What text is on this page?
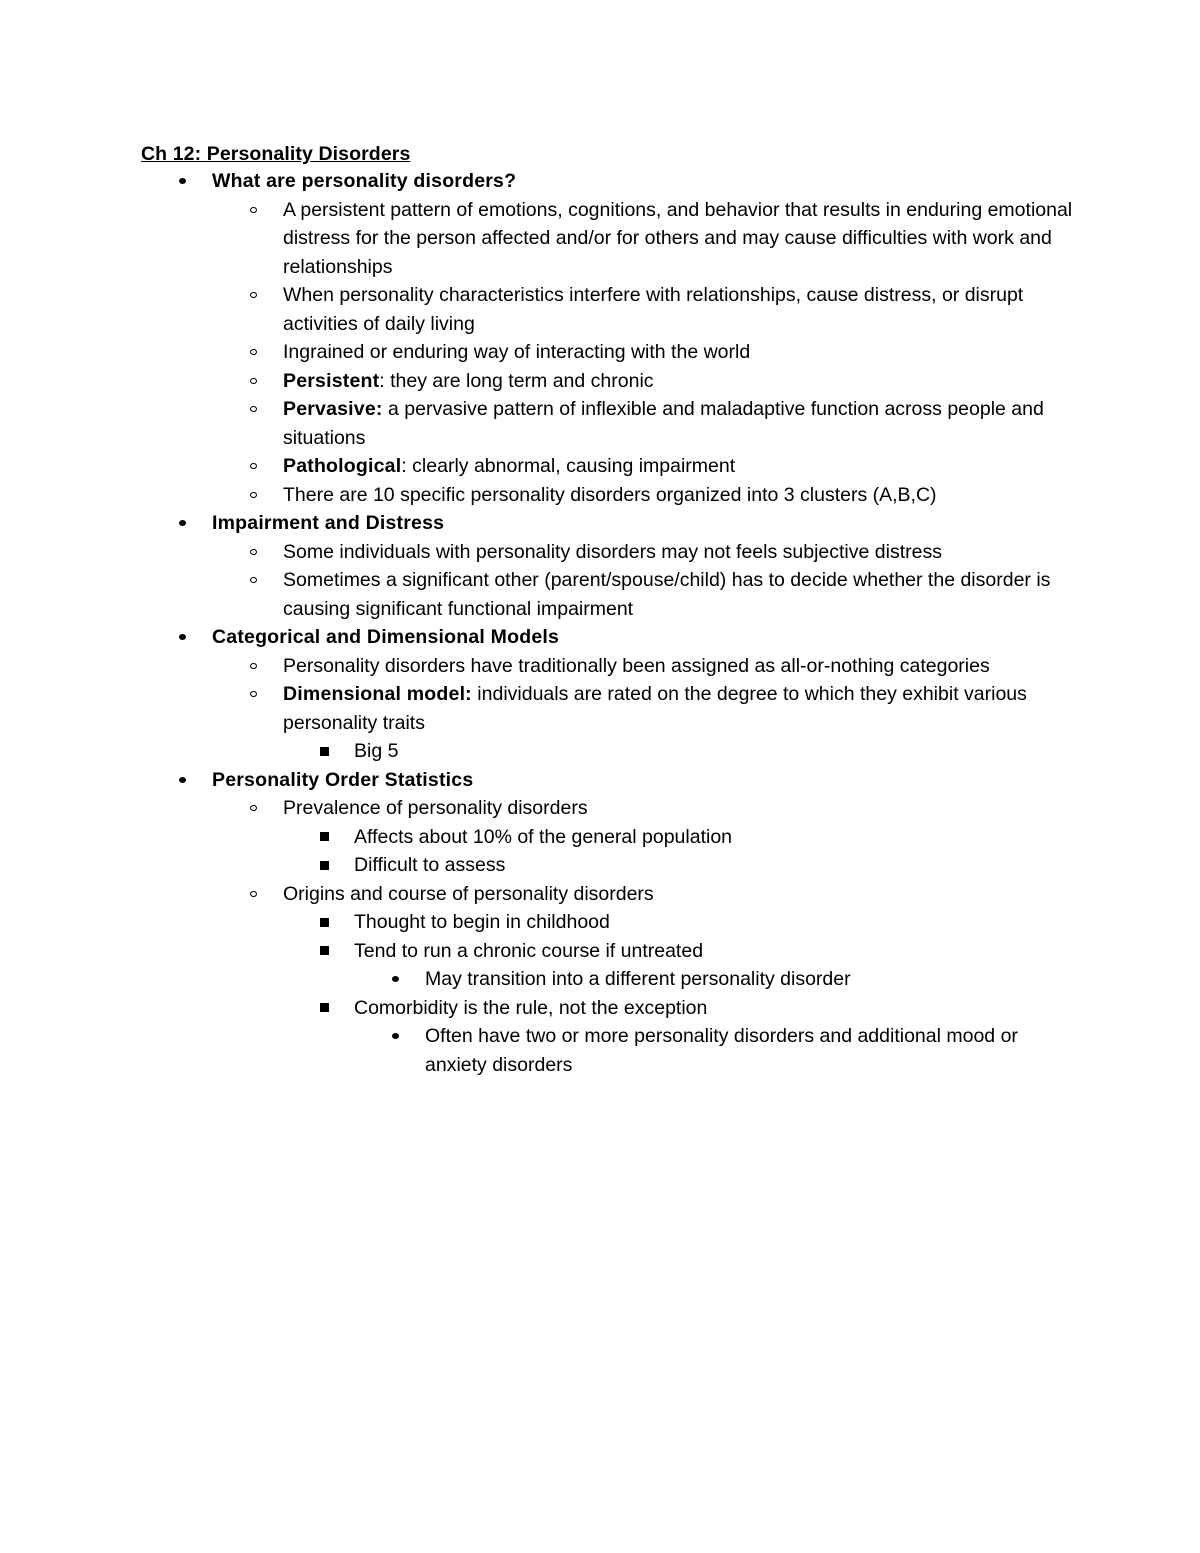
Ch 12: Personality Disorders

What are personality disorders?
A persistent pattern of emotions, cognitions, and behavior that results in enduring emotional distress for the person affected and/or for others and may cause difficulties with work and relationships
When personality characteristics interfere with relationships, cause distress, or disrupt activities of daily living
Ingrained or enduring way of interacting with the world
Persistent: they are long term and chronic
Pervasive: a pervasive pattern of inflexible and maladaptive function across people and situations
Pathological: clearly abnormal, causing impairment
There are 10 specific personality disorders organized into 3 clusters (A,B,C)
Impairment and Distress
Some individuals with personality disorders may not feels subjective distress
Sometimes a significant other (parent/spouse/child) has to decide whether the disorder is causing significant functional impairment
Categorical and Dimensional Models
Personality disorders have traditionally been assigned as all-or-nothing categories
Dimensional model: individuals are rated on the degree to which they exhibit various personality traits
Big 5
Personality Order Statistics
Prevalence of personality disorders
Affects about 10% of the general population
Difficult to assess
Origins and course of personality disorders
Thought to begin in childhood
Tend to run a chronic course if untreated
May transition into a different personality disorder
Comorbidity is the rule, not the exception
Often have two or more personality disorders and additional mood or anxiety disorders
